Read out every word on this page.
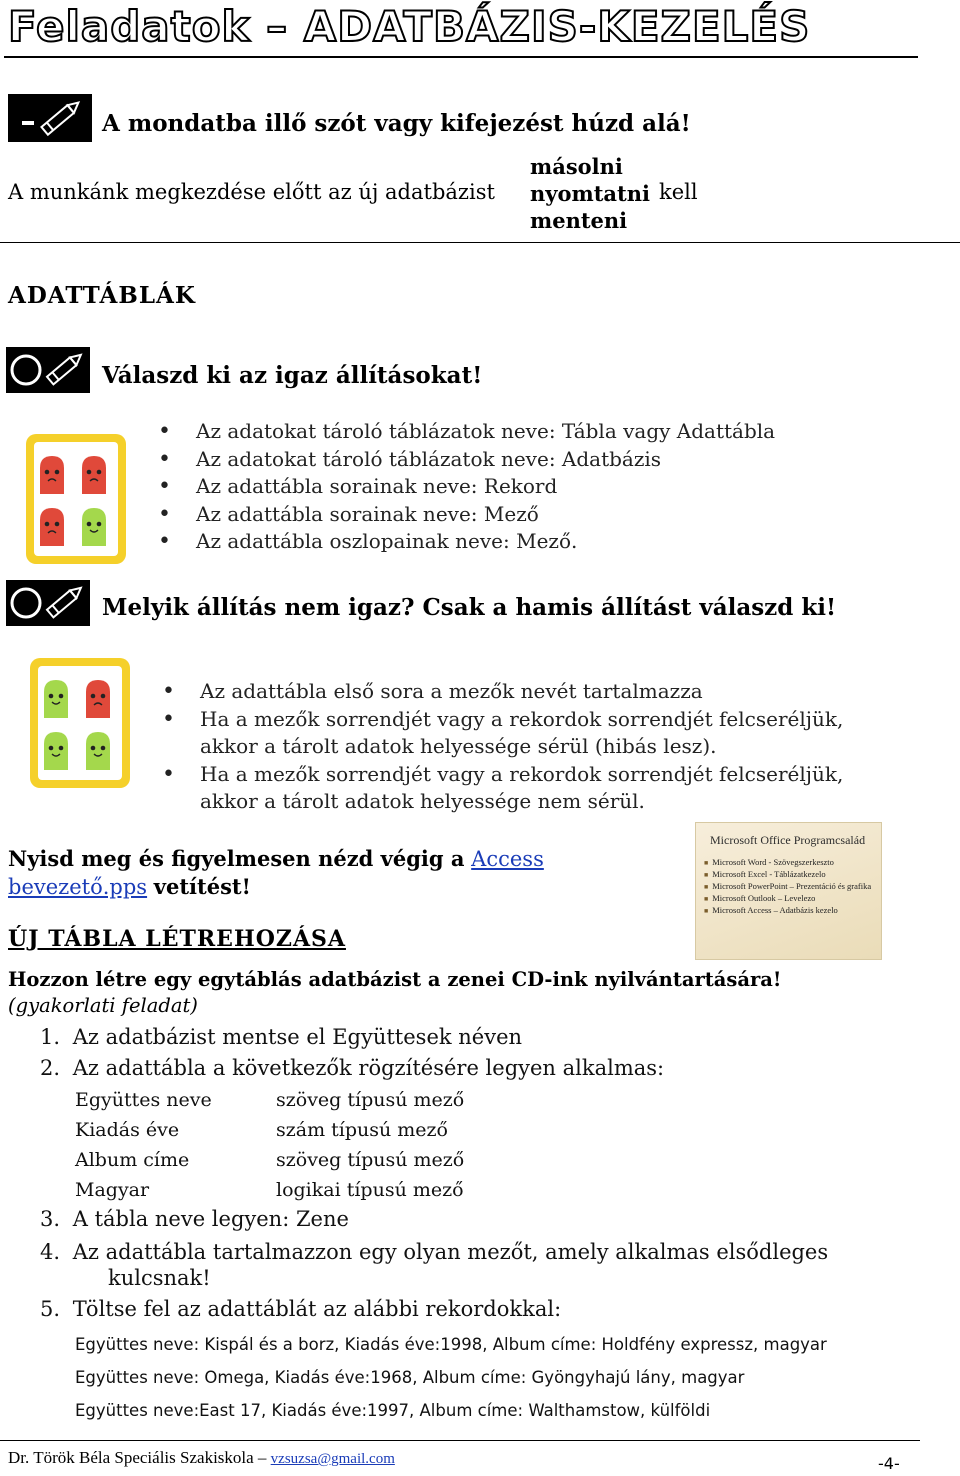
Feladatok – ADATBÁZIS-KEZELÉS
A mondatba illő szót vagy kifejezést húzd alá!
A munkánk megkezdése előtt az új adatbázist
másolni
nyomtatni
menteni
kell
ADATTÁBLÁK
Válaszd ki az igaz állításokat!
• Az adatokat tároló táblázatok neve: Tábla vagy Adattábla
• Az adatokat tároló táblázatok neve: Adatbázis
• Az adattábla sorainak neve: Rekord
• Az adattábla sorainak neve: Mező
• Az adattábla oszlopainak neve: Mező.
Melyik állítás nem igaz? Csak a hamis állítást válaszd ki!
• Az adattábla első sora a mezők nevét tartalmazza
• Ha a mezők sorrendjét vagy a rekordok sorrendjét felcseréljük,
akkor a tárolt adatok helyessége sérül (hibás lesz).
• Ha a mezők sorrendjét vagy a rekordok sorrendjét felcseréljük,
akkor a tárolt adatok helyessége nem sérül.
Nyisd meg és figyelmesen nézd végig a Access
bevezető.pps vetítést!
Microsoft Office Programcsalád
■ Microsoft Word - Szövegszerkeszto
■ Microsoft Excel - Táblázatkezelo
■ Microsoft PowerPoint – Prezentáció és grafika
■ Microsoft Outlook – Levelezo
■ Microsoft Access – Adatbázis kezelo
ÚJ TÁBLA LÉTREHOZÁSA
Hozzon létre egy egytáblás adatbázist a zenei CD-ink nyilvántartására!
(gyakorlati feladat)
1. Az adatbázist mentse el Együttesek néven
2. Az adattábla a következők rögzítésére legyen alkalmas:
Együttes neve	szöveg típusú mező
Kiadás éve	szám típusú mező
Album címe	szöveg típusú mező
Magyar	logikai típusú mező
3. A tábla neve legyen: Zene
4. Az adattábla tartalmazzon egy olyan mezőt, amely alkalmas elsődleges
kulcsnak!
5. Töltse fel az adattáblát az alábbi rekordokkal:
Együttes neve: Kispál és a borz, Kiadás éve:1998, Album címe: Holdfény expressz, magyar
Együttes neve: Omega, Kiadás éve:1968, Album címe: Gyöngyhajú lány, magyar
Együttes neve:East 17, Kiadás éve:1997, Album címe: Walthamstow, külföldi
Dr. Török Béla Speciális Szakiskola – vzsuzsa@gmail.com	-4-
